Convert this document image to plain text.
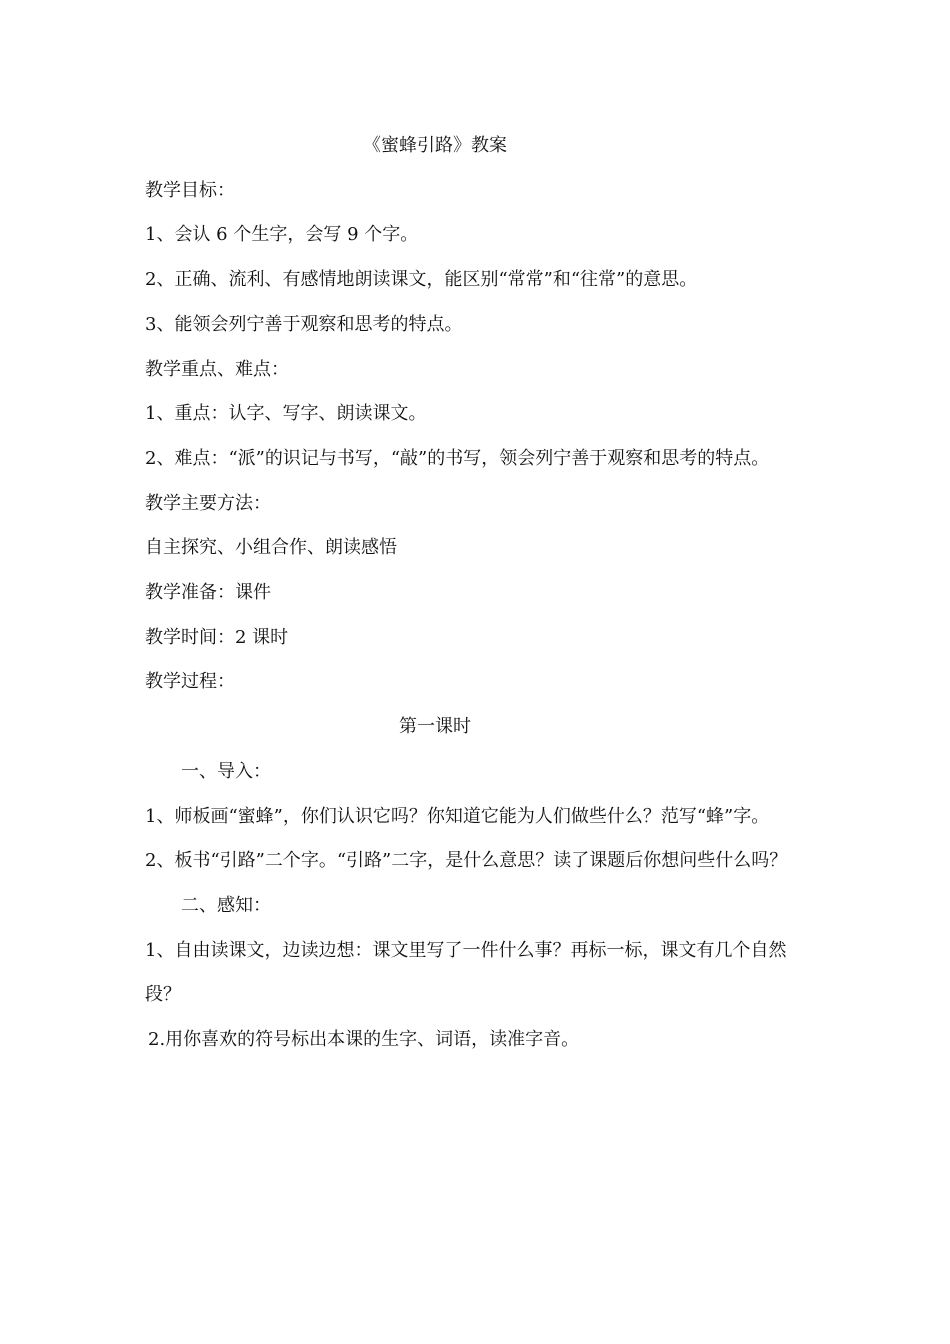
《蜜蜂引路》教案

教学目标：

1、会认 6 个生字，会写 9 个字。

2、正确、流利、有感情地朗读课文，能区别“常常”和“往常”的意思。

3、能领会列宁善于观察和思考的特点。

教学重点、难点：

1、重点：认字、写字、朗读课文。

2、难点：“派”的识记与书写，“敲”的书写，领会列宁善于观察和思考的特点。

教学主要方法：

自主探究、小组合作、朗读感悟

教学准备：课件

教学时间：2 课时

教学过程：

第一课时

一、导入：

1、师板画“蜜蜂”，你们认识它吗？你知道它能为人们做些什么？范写“蜂”字。

2、板书“引路”二个字。“引路”二字，是什么意思？读了课题后你想问些什么吗？

二、感知：

1、自由读课文，边读边想：课文里写了一件什么事？再标一标，课文有几个自然段？

2.用你喜欢的符号标出本课的生字、词语，读准字音。
